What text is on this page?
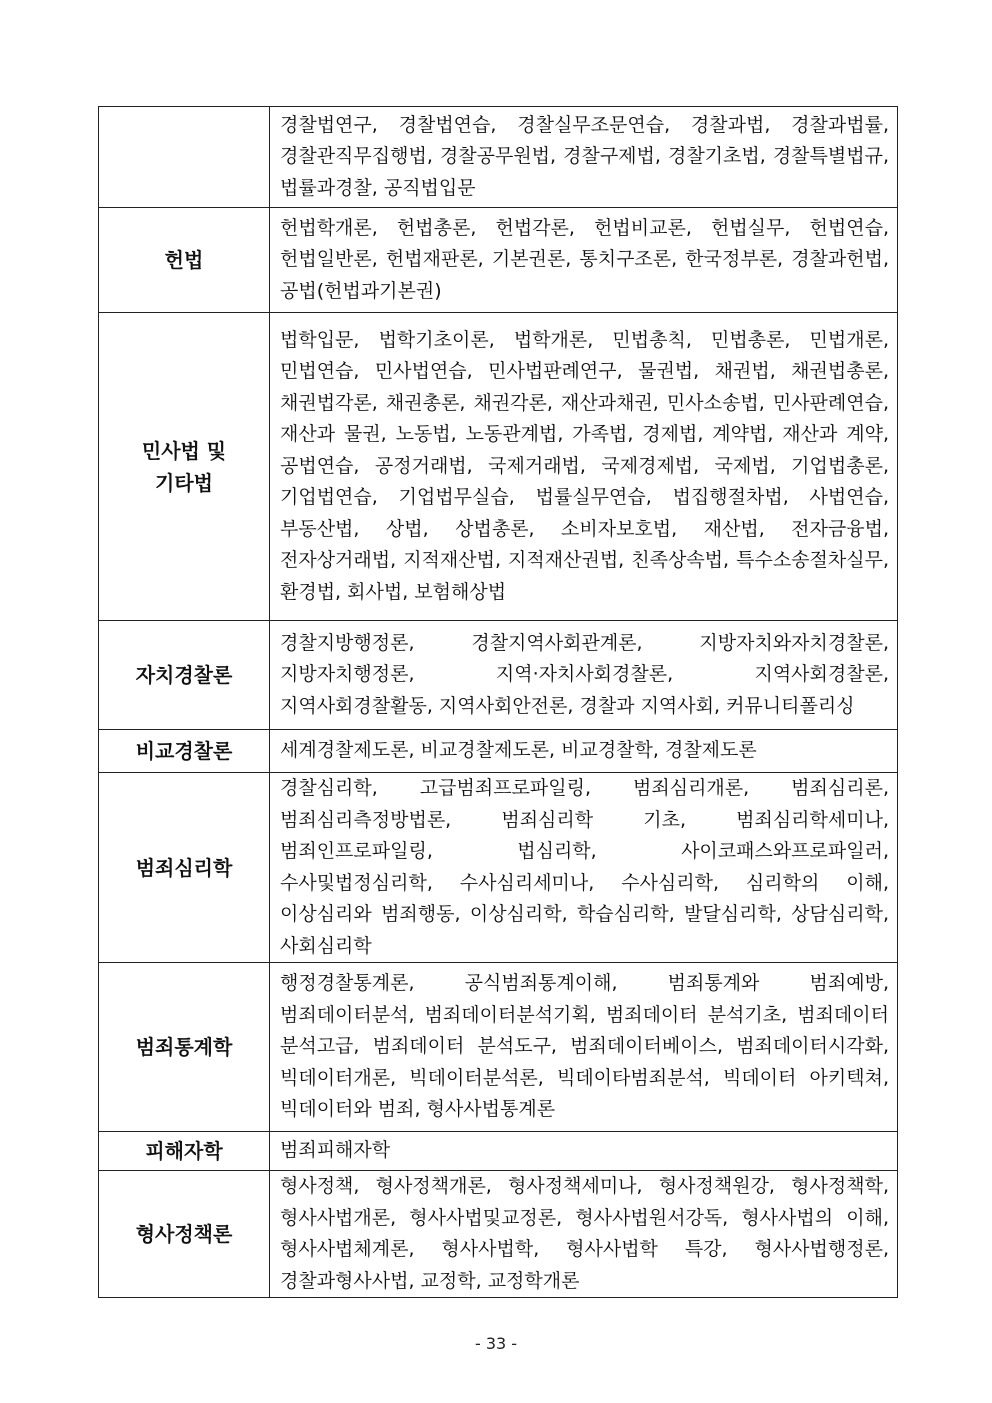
	경찰법연구, 경찰법연습, 경찰실무조문연습, 경찰과법, 경찰과법률, 경찰관직무집행법, 경찰공무원법, 경찰구제법, 경찰기초법, 경찰특별법규, 법률과경찰, 공직법입문
헌법	헌법학개론, 헌법총론, 헌법각론, 헌법비교론, 헌법실무, 헌법연습, 헌법일반론, 헌법재판론, 기본권론, 통치구조론, 한국정부론, 경찰과헌법, 공법(헌법과기본권)
민사법 및 기타법	법학입문, 법학기초이론, 법학개론, 민법총칙, 민법총론, 민법개론, 민법연습, 민사법연습, 민사법판례연구, 물권법, 채권법, 채권법총론, 채권법각론, 채권총론, 채권각론, 재산과채권, 민사소송법, 민사판례연습, 재산과 물권, 노동법, 노동관계법, 가족법, 경제법, 계약법, 재산과 계약, 공법연습, 공정거래법, 국제거래법, 국제경제법, 국제법, 기업법총론, 기업법연습, 기업법무실습, 법률실무연습, 법집행절차법, 사법연습, 부동산법, 상법, 상법총론, 소비자보호법, 재산법, 전자금융법, 전자상거래법, 지적재산법, 지적재산권법, 친족상속법, 특수소송절차실무, 환경법, 회사법, 보험해상법
자치경찰론	경찰지방행정론, 경찰지역사회관계론, 지방자치와자치경찰론, 지방자치행정론, 지역·자치사회경찰론, 지역사회경찰론, 지역사회경찰활동, 지역사회안전론, 경찰과 지역사회, 커뮤니티폴리싱
비교경찰론	세계경찰제도론, 비교경찰제도론, 비교경찰학, 경찰제도론
범죄심리학	경찰심리학, 고급범죄프로파일링, 범죄심리개론, 범죄심리론, 범죄심리측정방법론, 범죄심리학 기초, 범죄심리학세미나, 범죄인프로파일링, 법심리학, 사이코패스와프로파일러, 수사및법정심리학, 수사심리세미나, 수사심리학, 심리학의 이해, 이상심리와 범죄행동, 이상심리학, 학습심리학, 발달심리학, 상담심리학, 사회심리학
범죄통계학	행정경찰통계론, 공식범죄통계이해, 범죄통계와 범죄예방, 범죄데이터분석, 범죄데이터분석기획, 범죄데이터 분석기초, 범죄데이터 분석고급, 범죄데이터 분석도구, 범죄데이터베이스, 범죄데이터시각화, 빅데이터개론, 빅데이터분석론, 빅데이타범죄분석, 빅데이터 아키텍쳐, 빅데이터와 범죄, 형사사법통계론
피해자학	범죄피해자학
형사정책론	형사정책, 형사정책개론, 형사정책세미나, 형사정책원강, 형사정책학, 형사사법개론, 형사사법및교정론, 형사사법원서강독, 형사사법의 이해, 형사사법체계론, 형사사법학, 형사사법학 특강, 형사사법행정론, 경찰과형사사법, 교정학, 교정학개론
- 33 -
